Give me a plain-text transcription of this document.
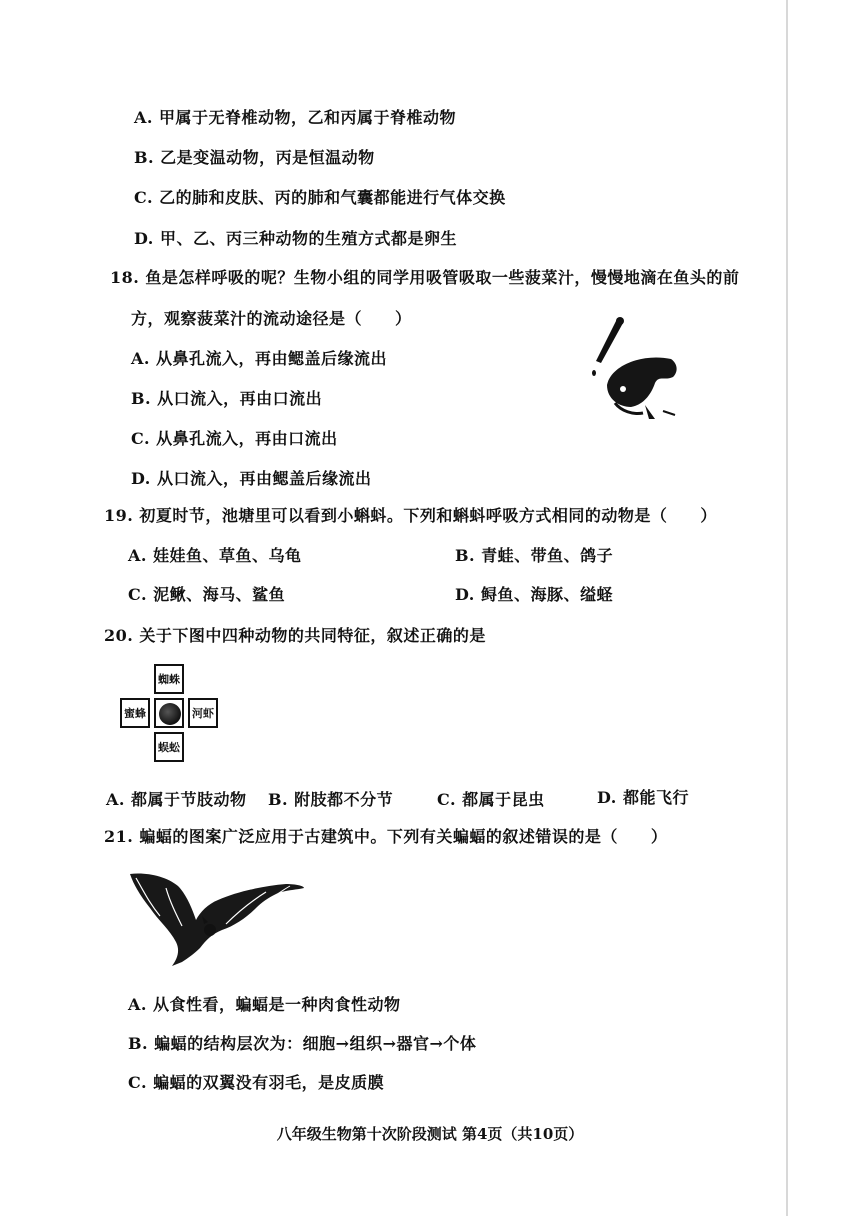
A. 甲属于无脊椎动物，乙和丙属于脊椎动物
B. 乙是变温动物，丙是恒温动物
C. 乙的肺和皮肤、丙的肺和气囊都能进行气体交换
D. 甲、乙、丙三种动物的生殖方式都是卵生
18. 鱼是怎样呼吸的呢？生物小组的同学用吸管吸取一些菠菜汁，慢慢地滴在鱼头的前
方，观察菠菜汁的流动途径是（　　）
A. 从鼻孔流入，再由鳃盖后缘流出
B. 从口流入，再由口流出
C. 从鼻孔流入，再由口流出
D. 从口流入，再由鳃盖后缘流出
19. 初夏时节，池塘里可以看到小蝌蚪。下列和蝌蚪呼吸方式相同的动物是（　　）
A. 娃娃鱼、草鱼、乌龟	B. 青蛙、带鱼、鸽子
C. 泥鳅、海马、鲨鱼	D. 鲟鱼、海豚、缢蛏
20. 关于下图中四种动物的共同特征，叙述正确的是
蜘蛛
蜜蜂	河虾
蜈蚣
A. 都属于节肢动物 B. 附肢都不分节	C. 都属于昆虫	D. 都能飞行
21. 蝙蝠的图案广泛应用于古建筑中。下列有关蝙蝠的叙述错误的是（　　）
A. 从食性看，蝙蝠是一种肉食性动物
B. 蝙蝠的结构层次为：细胞→组织→器官→个体
C. 蝙蝠的双翼没有羽毛，是皮质膜
八年级生物第十次阶段测试 第4页（共10页）
